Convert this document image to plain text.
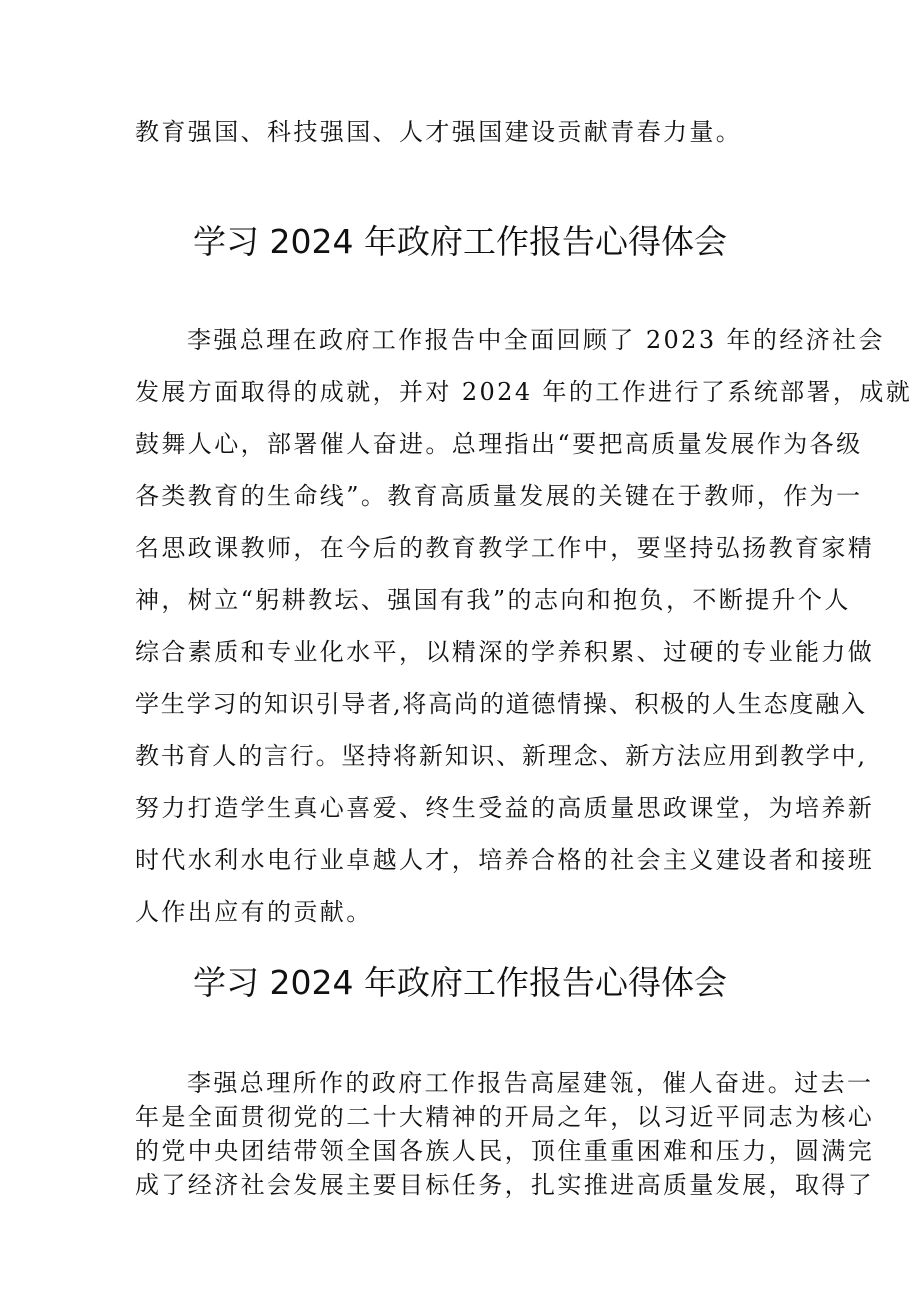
教育强国、科技强国、人才强国建设贡献青春力量。

学习 2024 年政府工作报告心得体会

李强总理在政府工作报告中全面回顾了 2023 年的经济社会

发展方面取得的成就，并对 2024 年的工作进行了系统部署，成就

鼓舞人心，部署催人奋进。总理指出“要把高质量发展作为各级

各类教育的生命线”。教育高质量发展的关键在于教师，作为一

名思政课教师，在今后的教育教学工作中，要坚持弘扬教育家精

神，树立“躬耕教坛、强国有我”的志向和抱负，不断提升个人

综合素质和专业化水平，以精深的学养积累、过硬的专业能力做

学生学习的知识引导者,将高尚的道德情操、积极的人生态度融入

教书育人的言行。坚持将新知识、新理念、新方法应用到教学中,

努力打造学生真心喜爱、终生受益的高质量思政课堂，为培养新

时代水利水电行业卓越人才，培养合格的社会主义建设者和接班

人作出应有的贡献。

学习 2024 年政府工作报告心得体会

李强总理所作的政府工作报告高屋建瓴，催人奋进。过去一

年是全面贯彻党的二十大精神的开局之年，以习近平同志为核心

的党中央团结带领全国各族人民，顶住重重困难和压力，圆满完

成了经济社会发展主要目标任务，扎实推进高质量发展，取得了
